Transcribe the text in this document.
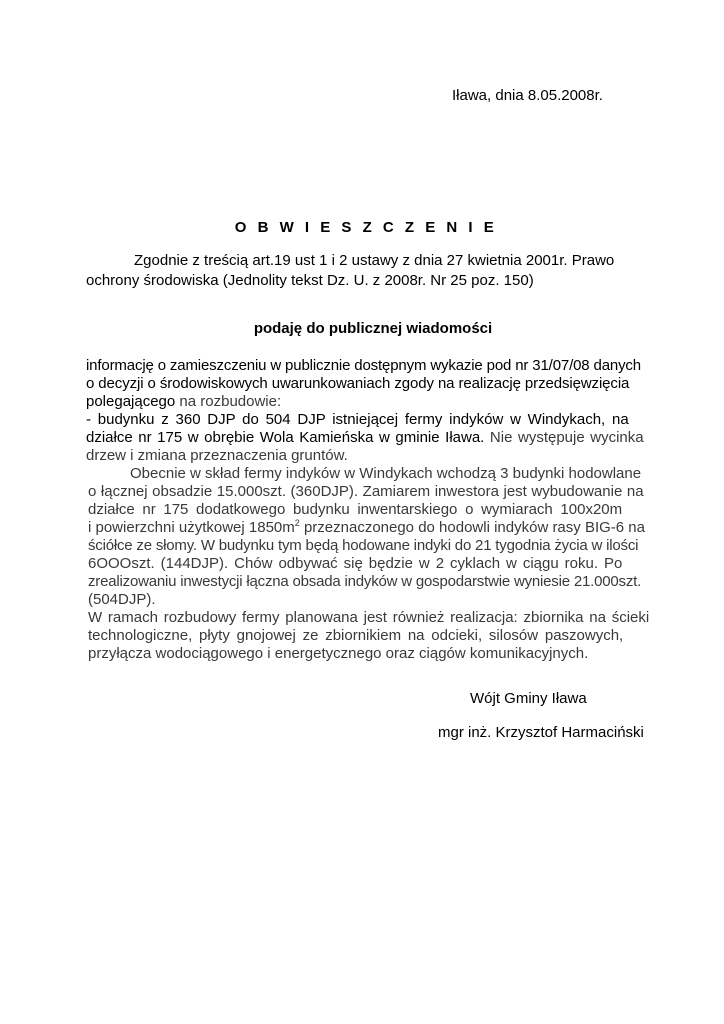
Iława, dnia 8.05.2008r.
O B W I E S Z C Z E N I E
Zgodnie z treścią art.19 ust 1 i 2 ustawy z dnia 27 kwietnia 2001r. Prawo
ochrony środowiska (Jednolity tekst Dz. U. z 2008r. Nr 25 poz. 150)
podaję do publicznej wiadomości
informację o zamieszczeniu w publicznie dostępnym wykazie pod nr 31/07/08 danych
o decyzji o środowiskowych uwarunkowaniach zgody na realizację przedsięwzięcia
polegającego na rozbudowie:
- budynku z 360 DJP do 504 DJP istniejącej fermy indyków w Windykach, na
działce nr 175 w obrębie Wola Kamieńska w gminie Iława. Nie występuje wycinka
drzew i zmiana przeznaczenia gruntów.
Obecnie w skład fermy indyków w Windykach wchodzą 3 budynki hodowlane
o łącznej obsadzie 15.000szt. (360DJP). Zamiarem inwestora jest wybudowanie na
działce nr 175 dodatkowego budynku inwentarskiego o wymiarach 100x20m
i powierzchni użytkowej $1850m^2$ przeznaczonego do hodowli indyków rasy BIG-6 na
ściółce ze słomy. W budynku tym będą hodowane indyki do 21 tygodnia życia w ilości
6OOOszt. (144DJP). Chów odbywać się będzie w 2 cyklach w ciągu roku. Po
zrealizowaniu inwestycji łączna obsada indyków w gospodarstwie wyniesie 21.000szt.
(504DJP).
W ramach rozbudowy fermy planowana jest również realizacja: zbiornika na ścieki
technologiczne, płyty gnojowej ze zbiornikiem na odcieki, silosów paszowych,
przyłącza wodociągowego i energetycznego oraz ciągów komunikacyjnych.
Wójt Gminy Iława
mgr inż. Krzysztof Harmaciński
